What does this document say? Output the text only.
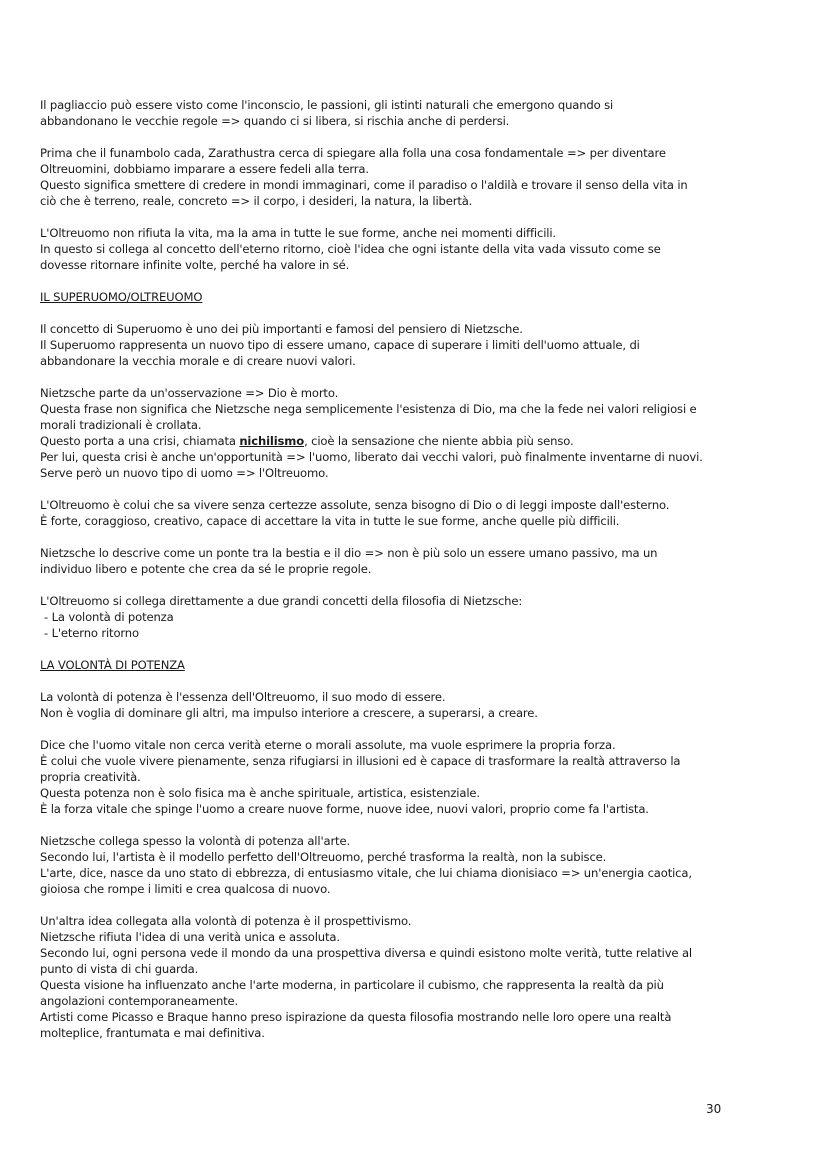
Il pagliaccio può essere visto come l'inconscio, le passioni, gli istinti naturali che emergono quando si
abbandonano le vecchie regole => quando ci si libera, si rischia anche di perdersi.
Prima che il funambolo cada, Zarathustra cerca di spiegare alla folla una cosa fondamentale => per diventare
Oltreuomini, dobbiamo imparare a essere fedeli alla terra.
Questo significa smettere di credere in mondi immaginari, come il paradiso o l'aldilà e trovare il senso della vita in
ciò che è terreno, reale, concreto => il corpo, i desideri, la natura, la libertà.
L'Oltreuomo non rifiuta la vita, ma la ama in tutte le sue forme, anche nei momenti difficili.
In questo si collega al concetto dell'eterno ritorno, cioè l'idea che ogni istante della vita vada vissuto come se
dovesse ritornare infinite volte, perché ha valore in sé.
IL SUPERUOMO/OLTREUOMO
Il concetto di Superuomo è uno dei più importanti e famosi del pensiero di Nietzsche.
Il Superuomo rappresenta un nuovo tipo di essere umano, capace di superare i limiti dell'uomo attuale, di
abbandonare la vecchia morale e di creare nuovi valori.
Nietzsche parte da un'osservazione => Dio è morto.
Questa frase non significa che Nietzsche nega semplicemente l'esistenza di Dio, ma che la fede nei valori religiosi e
morali tradizionali è crollata.
Questo porta a una crisi, chiamata nichilismo, cioè la sensazione che niente abbia più senso.
Per lui, questa crisi è anche un'opportunità => l'uomo, liberato dai vecchi valori, può finalmente inventarne di nuovi.
Serve però un nuovo tipo di uomo => l'Oltreuomo.
L'Oltreuomo è colui che sa vivere senza certezze assolute, senza bisogno di Dio o di leggi imposte dall'esterno.
È forte, coraggioso, creativo, capace di accettare la vita in tutte le sue forme, anche quelle più difficili.
Nietzsche lo descrive come un ponte tra la bestia e il dio => non è più solo un essere umano passivo, ma un
individuo libero e potente che crea da sé le proprie regole.
L'Oltreuomo si collega direttamente a due grandi concetti della filosofia di Nietzsche:
- La volontà di potenza
- L'eterno ritorno
LA VOLONTÀ DI POTENZA
La volontà di potenza è l'essenza dell'Oltreuomo, il suo modo di essere.
Non è voglia di dominare gli altri, ma impulso interiore a crescere, a superarsi, a creare.
Dice che l'uomo vitale non cerca verità eterne o morali assolute, ma vuole esprimere la propria forza.
È colui che vuole vivere pienamente, senza rifugiarsi in illusioni ed è capace di trasformare la realtà attraverso la
propria creatività.
Questa potenza non è solo fisica ma è anche spirituale, artistica, esistenziale.
È la forza vitale che spinge l'uomo a creare nuove forme, nuove idee, nuovi valori, proprio come fa l'artista.
Nietzsche collega spesso la volontà di potenza all'arte.
Secondo lui, l'artista è il modello perfetto dell'Oltreuomo, perché trasforma la realtà, non la subisce.
L'arte, dice, nasce da uno stato di ebbrezza, di entusiasmo vitale, che lui chiama dionisiaco => un'energia caotica,
gioiosa che rompe i limiti e crea qualcosa di nuovo.
Un'altra idea collegata alla volontà di potenza è il prospettivismo.
Nietzsche rifiuta l'idea di una verità unica e assoluta.
Secondo lui, ogni persona vede il mondo da una prospettiva diversa e quindi esistono molte verità, tutte relative al
punto di vista di chi guarda.
Questa visione ha influenzato anche l'arte moderna, in particolare il cubismo, che rappresenta la realtà da più
angolazioni contemporaneamente.
Artisti come Picasso e Braque hanno preso ispirazione da questa filosofia mostrando nelle loro opere una realtà
molteplice, frantumata e mai definitiva.
30
